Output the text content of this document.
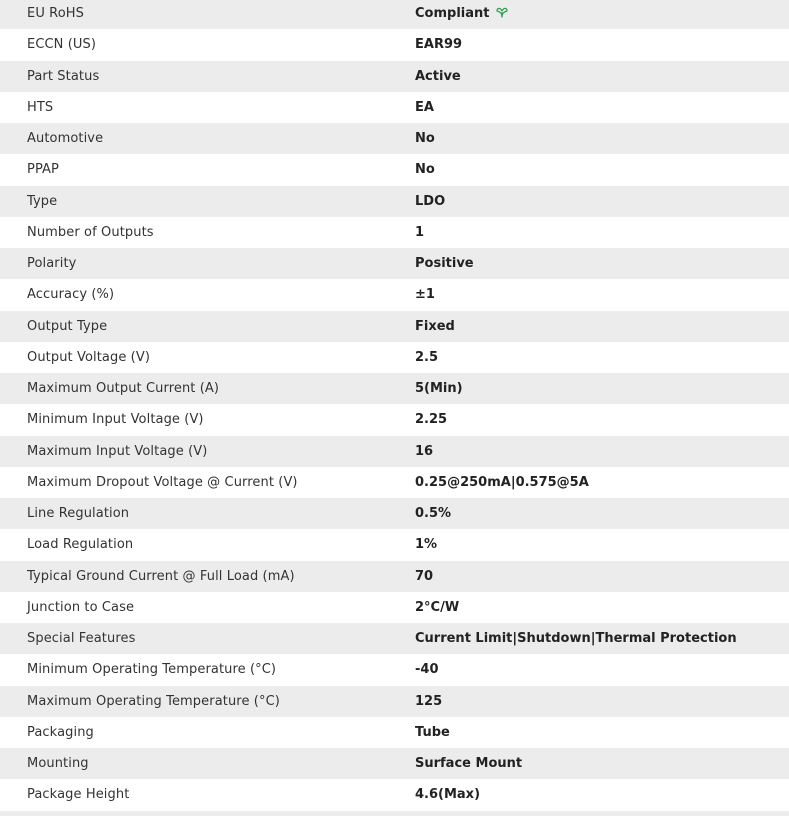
EU RoHS	Compliant
ECCN (US)	EAR99
Part Status	Active
HTS	EA
Automotive	No
PPAP	No
Type	LDO
Number of Outputs	1
Polarity	Positive
Accuracy (%)	±1
Output Type	Fixed
Output Voltage (V)	2.5
Maximum Output Current (A)	5(Min)
Minimum Input Voltage (V)	2.25
Maximum Input Voltage (V)	16
Maximum Dropout Voltage @ Current (V)	0.25@250mA|0.575@5A
Line Regulation	0.5%
Load Regulation	1%
Typical Ground Current @ Full Load (mA)	70
Junction to Case	2°C/W
Special Features	Current Limit|Shutdown|Thermal Protection
Minimum Operating Temperature (°C)	-40
Maximum Operating Temperature (°C)	125
Packaging	Tube
Mounting	Surface Mount
Package Height	4.6(Max)
